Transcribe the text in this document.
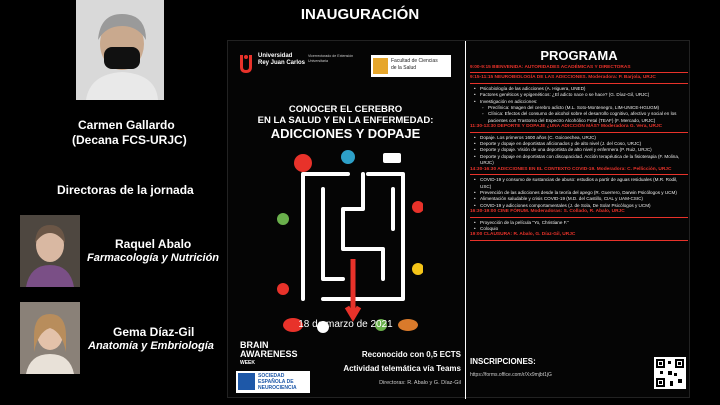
INAUGURACIÓN
Carmen Gallardo
(Decana FCS-URJC)
Directoras de la jornada
Raquel Abalo
Farmacología y Nutrición
Gema Díaz-Gil
Anatomía y Embriología
Universidad
Rey Juan Carlos
Vicerrectorado de Extensión Universitaria	Facultad de Ciencias
de la Salud
CONOCER EL CEREBRO
EN LA SALUD Y EN LA ENFERMEDAD:
ADICCIONES Y DOPAJE
18 de marzo de 2021
BRAIN
AWARENESS
WEEK
SOCIEDAD
ESPAÑOLA DE
NEUROCIENCIA
Reconocido con 0,5 ECTS
Actividad telemática vía Teams
Directoras: R. Abalo y G. Díaz-Gil
PROGRAMA
9:00-9:15 BIENVENIDA: AUTORIDADES ACADÉMICAS Y DIRECTORAS
9:15-11:15 NEUROBIOLOGÍA DE LAS ADICCIONES. Moderadora: P. Barjola, URJC
• Psicobiología de las adicciones (A. Higuera, UNED)
• Factores genéticos y epigenéticos: ¿El adicto nace o se hace? (G. Díaz-Gil, URJC)
• Investigación en adicciones:
◦ Preclínica: Imagen del cerebro adicto (M.L. Soto-Montenegro, LIM-UNICE-HGUGM)
◦ Clínica: Efectos del consumo de alcohol sobre el desarrollo cognitivo, afectivo y social en los pacientes con Trastorno del Espectro Alcohólico Fetal (TEAF) (F. Mercado, URJC)
11:30-13:30 DEPORTE Y DOPAJE ¿UNA ADICCIÓN MÁS? Moderadora G. Vera, URJC
• Dopaje. Los primeros 1600 años (C. Goicoechea, URJC)
• Deporte y dopaje en deportistas aficionados y de alto nivel (J. del Coso, URJC)
• Deporte y dopaje. Visión de una deportista de alto nivel y enfermera (P. Ruiz, URJC)
• Deporte y dopaje en deportistas con discapacidad. Acción terapéutica de la fisioterapia (F. Molina, URJC)
14:30-16:30 ADICCIONES EN EL CONTEXTO COVID-19. Moderadora: C. Pellicción, URJC
• COVID-19 y consumo de sustancias de abuso: estudios a partir de aguas residuales (M.R. Rodil, USC)
• Prevención de las adicciones desde la teoría del apego (R. Guerrero, Darwin Psicólogos y UCM)
• Alimentación saludable y crisis COVID-19 (M.D. del Castillo, CIAL y UAM-CSIC)
• COVID-19 y adicciones comportamentales (J. de Sola, De Sola! Psicólogos y UCM)
16:30-19:00 CINE FÓRUM. Moderadoras: S. Collado, R. Abalo, URJC
• Proyección de la película "Yo, Christiane F."
• Coloquio
19:00 CLAUSURA: R. Abalo, G. Díaz-Gil, URJC
INSCRIPCIONES:
https://forms.office.com/r/Xx9mjbt1jG
